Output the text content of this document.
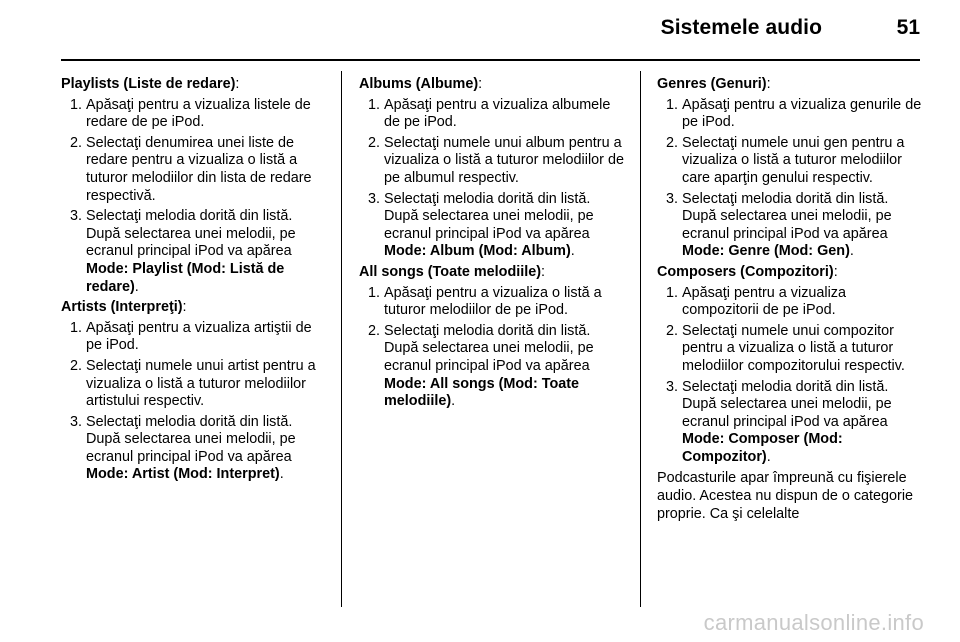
Sistemele audio	51

Playlists (Liste de redare):

1. Apăsaţi pentru a vizualiza listele de redare de pe iPod.
2. Selectaţi denumirea unei liste de redare pentru a vizualiza o listă a tuturor melodiilor din lista de redare respectivă.
3. Selectaţi melodia dorită din listă. După selectarea unei melodii, pe ecranul principal iPod va apărea Mode: Playlist (Mod: Listă de redare).

Artists (Interpreţi):

1. Apăsaţi pentru a vizualiza artiştii de pe iPod.
2. Selectaţi numele unui artist pentru a vizualiza o listă a tuturor melodiilor artistului respectiv.
3. Selectaţi melodia dorită din listă. După selectarea unei melodii, pe ecranul principal iPod va apărea Mode: Artist (Mod: Interpret).

Albums (Albume):

1. Apăsaţi pentru a vizualiza albumele de pe iPod.
2. Selectaţi numele unui album pentru a vizualiza o listă a tuturor melodiilor de pe albumul respectiv.
3. Selectaţi melodia dorită din listă. După selectarea unei melodii, pe ecranul principal iPod va apărea Mode: Album (Mod: Album).

All songs (Toate melodiile):

1. Apăsaţi pentru a vizualiza o listă a tuturor melodiilor de pe iPod.
2. Selectaţi melodia dorită din listă. După selectarea unei melodii, pe ecranul principal iPod va apărea Mode: All songs (Mod: Toate melodiile).

Genres (Genuri):

1. Apăsaţi pentru a vizualiza genurile de pe iPod.
2. Selectaţi numele unui gen pentru a vizualiza o listă a tuturor melodiilor care aparţin genului respectiv.
3. Selectaţi melodia dorită din listă. După selectarea unei melodii, pe ecranul principal iPod va apărea Mode: Genre (Mod: Gen).

Composers (Compozitori):

1. Apăsaţi pentru a vizualiza compozitorii de pe iPod.
2. Selectaţi numele unui compozitor pentru a vizualiza o listă a tuturor melodiilor compozitorului respectiv.
3. Selectaţi melodia dorită din listă. După selectarea unei melodii, pe ecranul principal iPod va apărea Mode: Composer (Mod: Compozitor).

Podcasturile apar împreună cu fişierele audio. Acestea nu dispun de o categorie proprie. Ca şi celelalte

carmanualsonline.info
